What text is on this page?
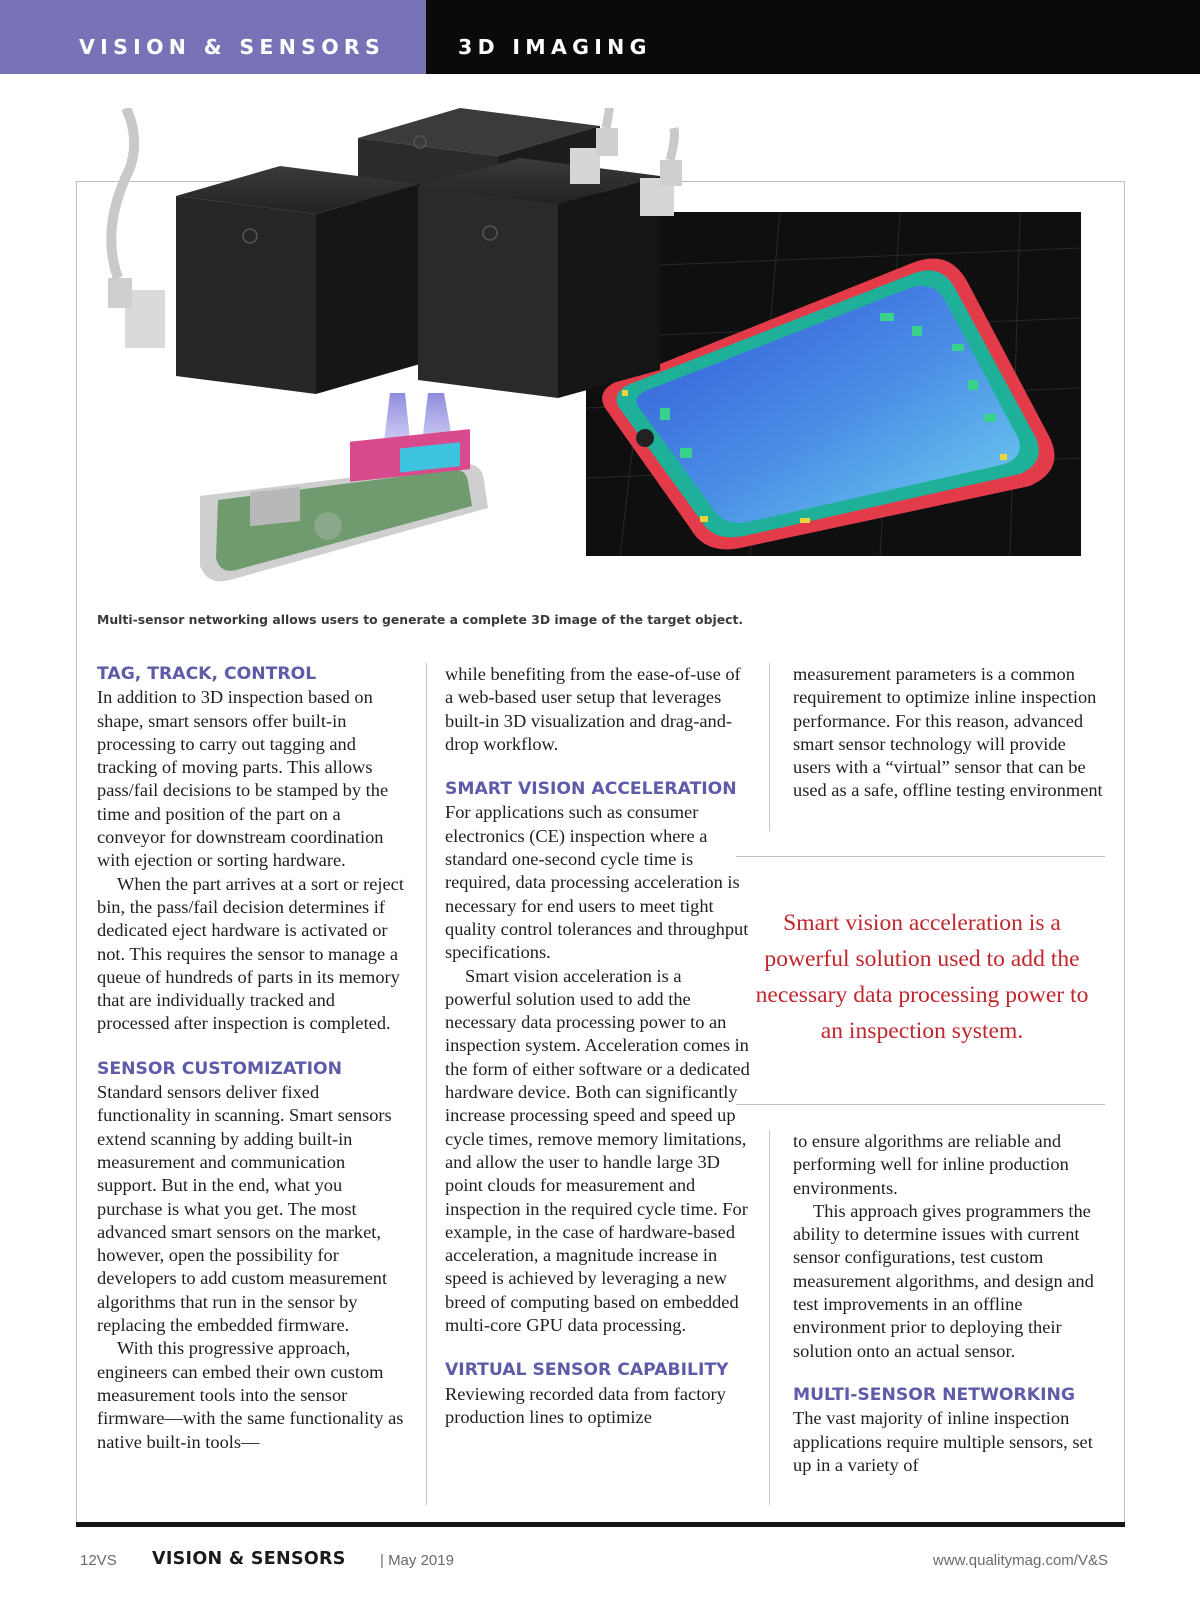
VISION & SENSORS	3D IMAGING
Multi-sensor networking allows users to generate a complete 3D image of the target object.
TAG, TRACK, CONTROL

In addition to 3D inspection based on shape, smart sensors offer built-in processing to carry out tagging and tracking of moving parts. This allows pass/fail decisions to be stamped by the time and position of the part on a conveyor for downstream coordination with ejection or sorting hardware.

When the part arrives at a sort or reject bin, the pass/fail decision determines if dedicated eject hardware is activated or not. This requires the sensor to manage a queue of hundreds of parts in its memory that are individually tracked and processed after inspection is completed.

SENSOR CUSTOMIZATION

Standard sensors deliver fixed functionality in scanning. Smart sensors extend scanning by adding built-in measurement and communication support. But in the end, what you purchase is what you get. The most advanced smart sensors on the market, however, open the possibility for developers to add custom measurement algorithms that run in the sensor by replacing the embedded firmware.

With this progressive approach, engineers can embed their own custom measurement tools into the sensor firmware—with the same functionality as native built-in tools—

while benefiting from the ease-of-use of a web-based user setup that leverages built-in 3D visualization and drag-and-drop workflow.

SMART VISION ACCELERATION

For applications such as consumer electronics (CE) inspection where a standard one-second cycle time is required, data processing acceleration is necessary for end users to meet tight quality control tolerances and throughput specifications.

Smart vision acceleration is a powerful solution used to add the necessary data processing power to an inspection system. Acceleration comes in the form of either software or a dedicated hardware device. Both can significantly increase processing speed and speed up cycle times, remove memory limitations, and allow the user to handle large 3D point clouds for measurement and inspection in the required cycle time. For example, in the case of hardware-based acceleration, a magnitude increase in speed is achieved by leveraging a new breed of computing based on embedded multi-core GPU data processing.

VIRTUAL SENSOR CAPABILITY

Reviewing recorded data from factory production lines to optimize

measurement parameters is a common requirement to optimize inline inspection performance. For this reason, advanced smart sensor technology will provide users with a “virtual” sensor that can be used as a safe, offline testing environment

Smart vision acceleration is a powerful solution used to add the necessary data processing power to an inspection system.

to ensure algorithms are reliable and performing well for inline production environments.

This approach gives programmers the ability to determine issues with current sensor configurations, test custom measurement algorithms, and design and test improvements in an offline environment prior to deploying their solution onto an actual sensor.

MULTI-SENSOR NETWORKING

The vast majority of inline inspection applications require multiple sensors, set up in a variety of

12VS VISION & SENSORS | May 2019	www.qualitymag.com/V&S
